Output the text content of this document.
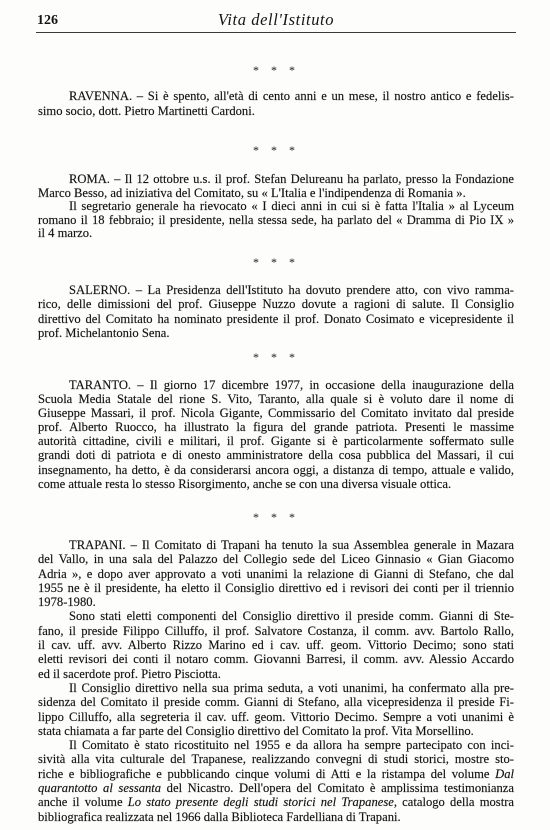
126	Vita dell'Istituto
* * *
* * *
* * *
* * *
* * *
RAVENNA. – Si è spento, all'età di cento anni e un mese, il nostro antico e fedelis-
simo socio, dott. Pietro Martinetti Cardoni.
ROMA. – Il 12 ottobre u.s. il prof. Stefan Delureanu ha parlato, presso la Fondazione
Marco Besso, ad iniziativa del Comitato, su « L'Italia e l'indipendenza di Romania ».
Il segretario generale ha rievocato « I dieci anni in cui si è fatta l'Italia » al Lyceum
romano il 18 febbraio; il presidente, nella stessa sede, ha parlato del « Dramma di Pio IX »
il 4 marzo.
SALERNO. – La Presidenza dell'Istituto ha dovuto prendere atto, con vivo ramma-
rico, delle dimissioni del prof. Giuseppe Nuzzo dovute a ragioni di salute. Il Consiglio
direttivo del Comitato ha nominato presidente il prof. Donato Cosimato e vicepresidente il
prof. Michelantonio Sena.
TARANTO. – Il giorno 17 dicembre 1977, in occasione della inaugurazione della
Scuola Media Statale del rione S. Vito, Taranto, alla quale si è voluto dare il nome di
Giuseppe Massari, il prof. Nicola Gigante, Commissario del Comitato invitato dal preside
prof. Alberto Ruocco, ha illustrato la figura del grande patriota. Presenti le massime
autorità cittadine, civili e militari, il prof. Gigante si è particolarmente soffermato sulle
grandi doti di patriota e di onesto amministratore della cosa pubblica del Massari, il cui
insegnamento, ha detto, è da considerarsi ancora oggi, a distanza di tempo, attuale e valido,
come attuale resta lo stesso Risorgimento, anche se con una diversa visuale ottica.
TRAPANI. – Il Comitato di Trapani ha tenuto la sua Assemblea generale in Mazara
del Vallo, in una sala del Palazzo del Collegio sede del Liceo Ginnasio « Gian Giacomo
Adria », e dopo aver approvato a voti unanimi la relazione di Gianni di Stefano, che dal
1955 ne è il presidente, ha eletto il Consiglio direttivo ed i revisori dei conti per il triennio
1978-1980.
Sono stati eletti componenti del Consiglio direttivo il preside comm. Gianni di Ste-
fano, il preside Filippo Cilluffo, il prof. Salvatore Costanza, il comm. avv. Bartolo Rallo,
il cav. uff. avv. Alberto Rizzo Marino ed i cav. uff. geom. Vittorio Decimo; sono stati
eletti revisori dei conti il notaro comm. Giovanni Barresi, il comm. avv. Alessio Accardo
ed il sacerdote prof. Pietro Pisciotta.
Il Consiglio direttivo nella sua prima seduta, a voti unanimi, ha confermato alla pre-
sidenza del Comitato il preside comm. Gianni di Stefano, alla vicepresidenza il preside Fi-
lippo Cilluffo, alla segreteria il cav. uff. geom. Vittorio Decimo. Sempre a voti unanimi è
stata chiamata a far parte del Consiglio direttivo del Comitato la prof. Vita Morsellino.
Il Comitato è stato ricostituito nel 1955 e da allora ha sempre partecipato con inci-
sività alla vita culturale del Trapanese, realizzando convegni di studi storici, mostre sto-
riche e bibliografiche e pubblicando cinque volumi di Atti e la ristampa del volume Dal
quarantotto al sessanta del Nicastro. Dell'opera del Comitato è amplissima testimonianza
anche il volume Lo stato presente degli studi storici nel Trapanese, catalogo della mostra
bibliografica realizzata nel 1966 dalla Biblioteca Fardelliana di Trapani.
